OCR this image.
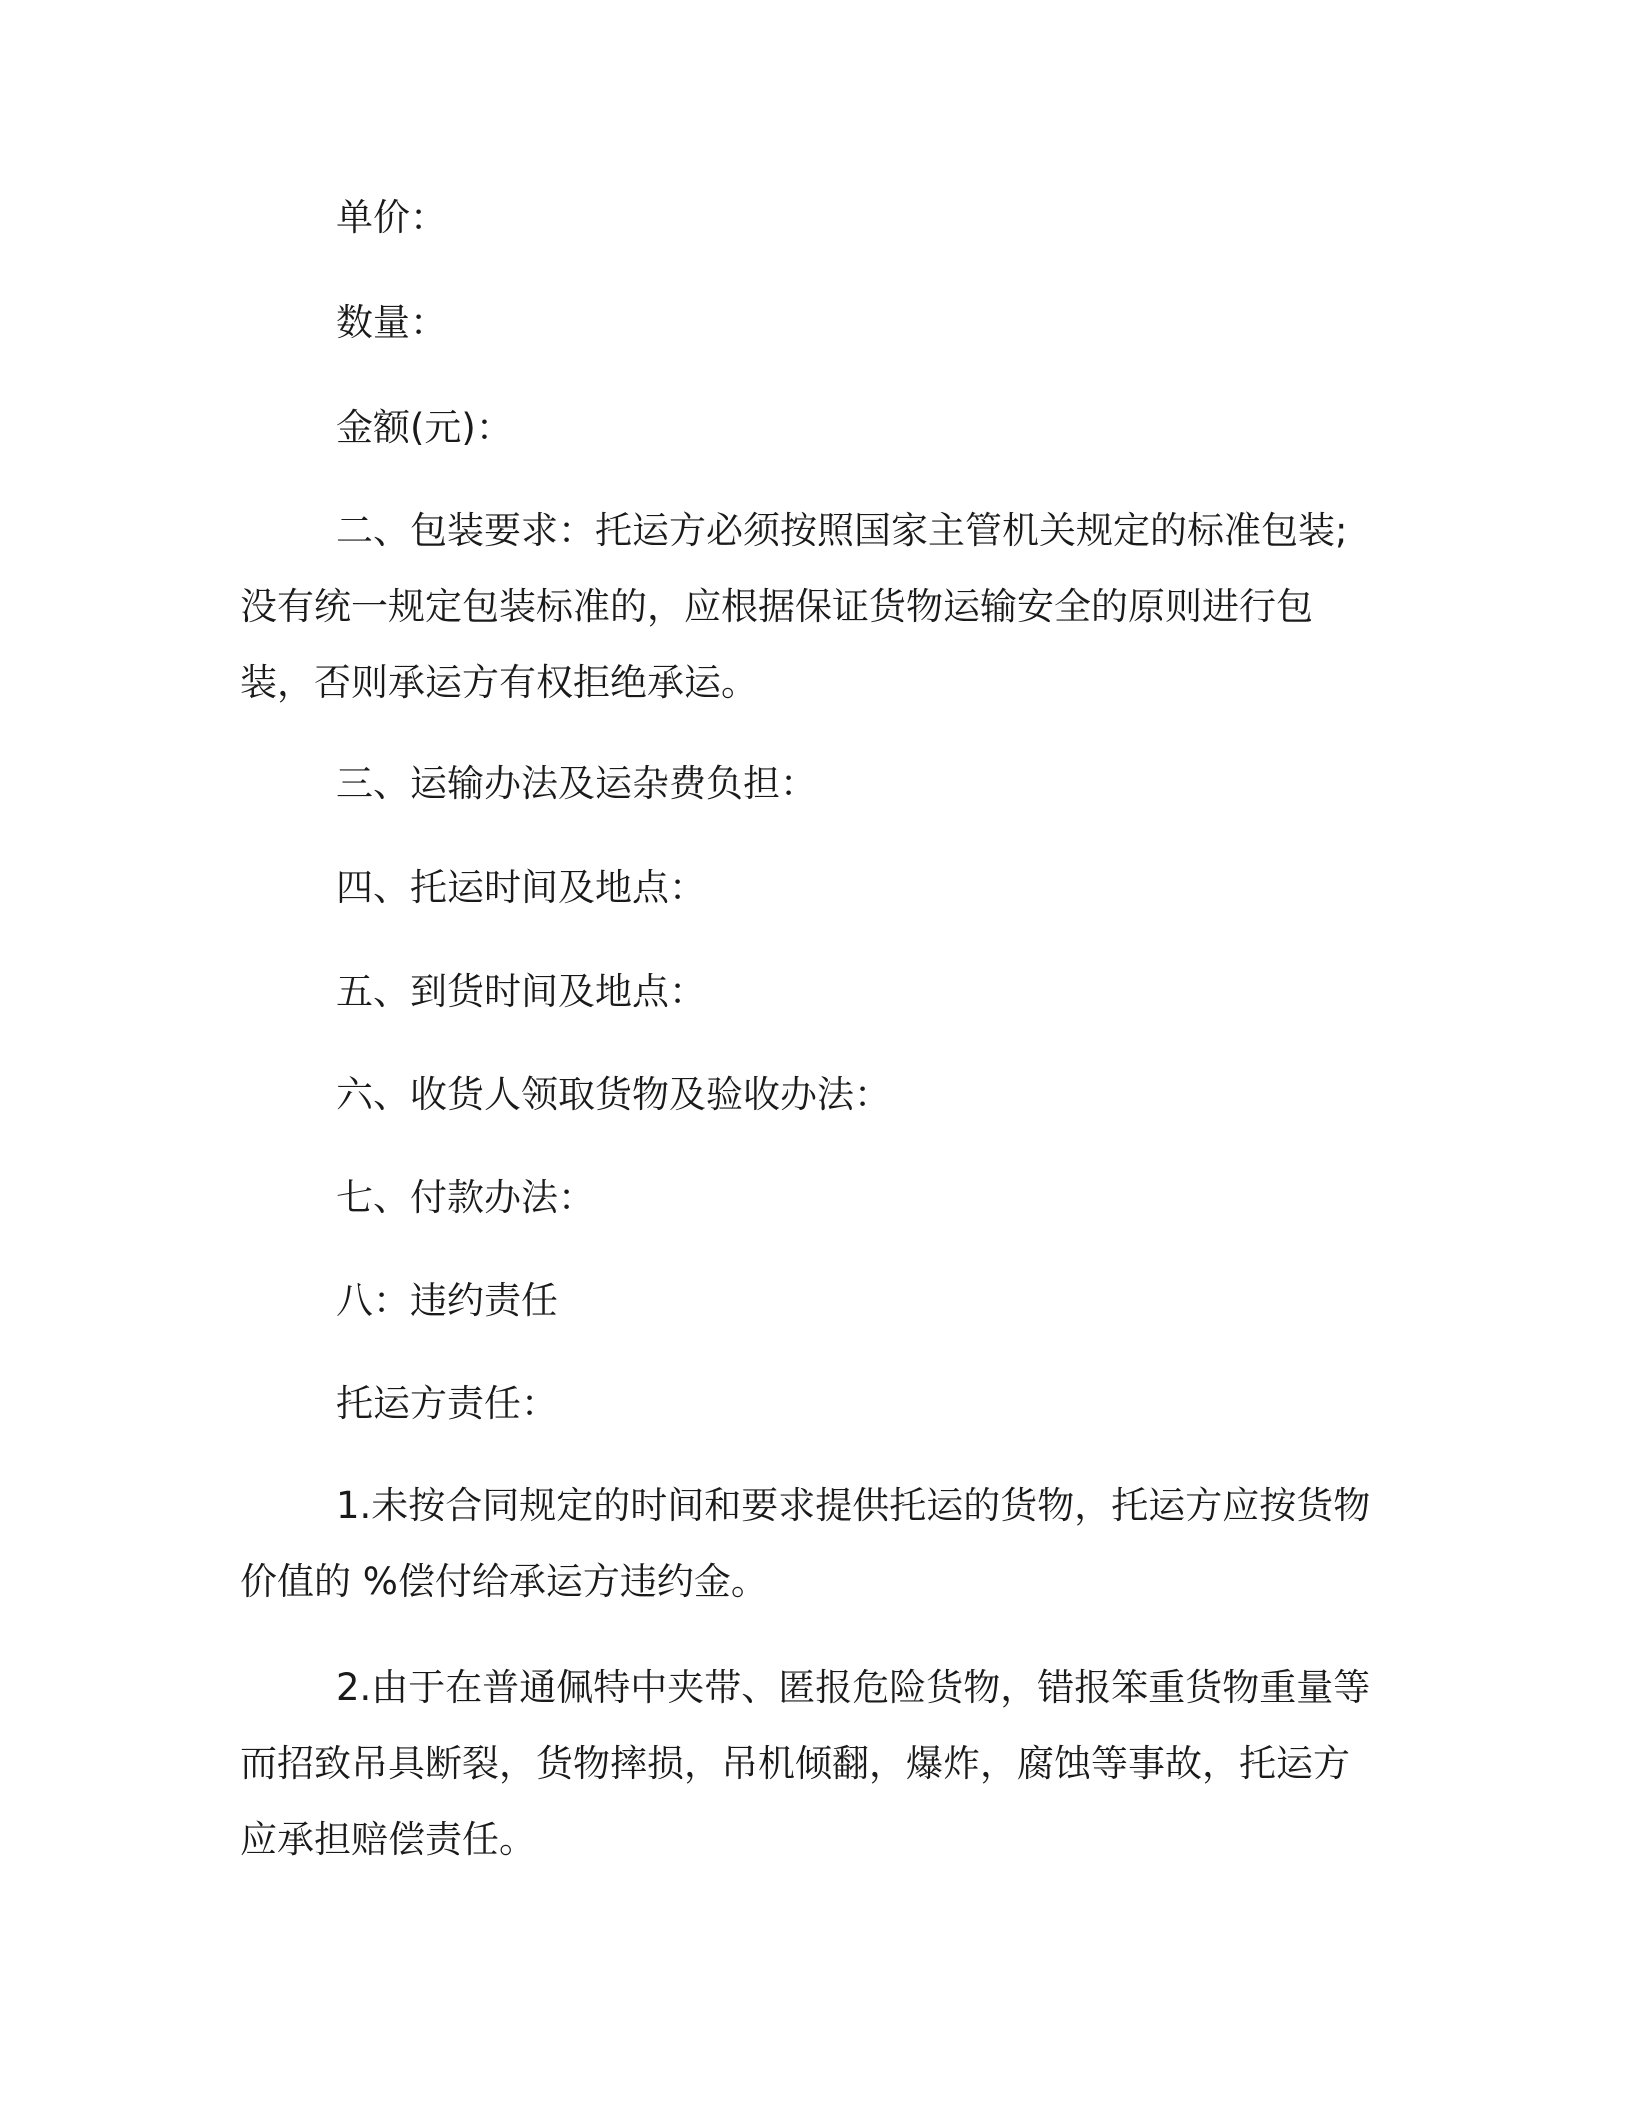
单价：

数量：

金额(元)：

二、包装要求：托运方必须按照国家主管机关规定的标准包装;没有统一规定包装标准的，应根据保证货物运输安全的原则进行包装，否则承运方有权拒绝承运。

三、运输办法及运杂费负担：

四、托运时间及地点：

五、到货时间及地点：

六、收货人领取货物及验收办法：

七、付款办法：

八：违约责任

托运方责任：

1.未按合同规定的时间和要求提供托运的货物，托运方应按货物价值的 %偿付给承运方违约金。

2.由于在普通佩特中夹带、匿报危险货物，错报笨重货物重量等而招致吊具断裂，货物摔损，吊机倾翻，爆炸，腐蚀等事故，托运方应承担赔偿责任。
